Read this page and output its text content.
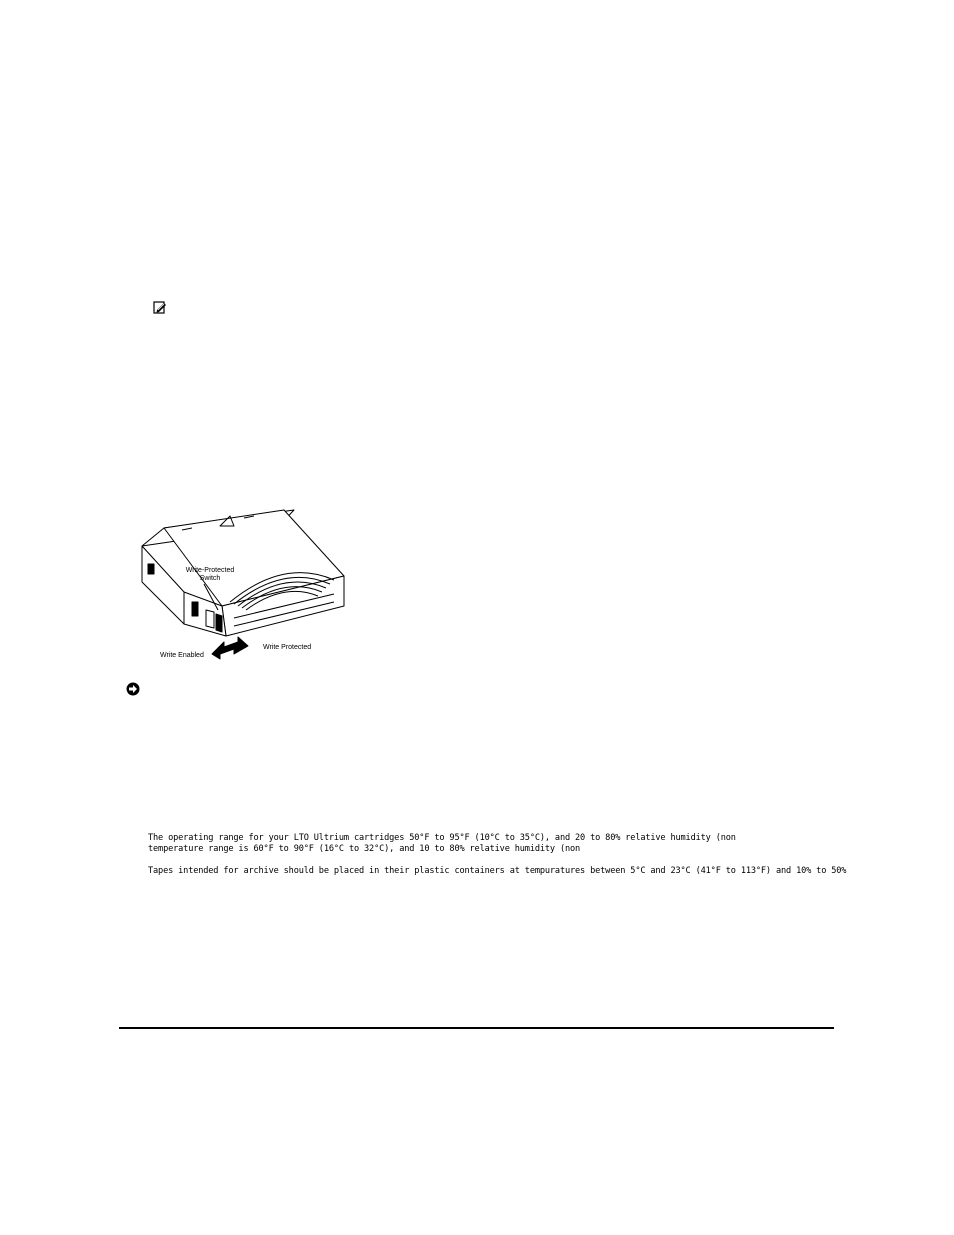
Write-Protected
Switch
Write Enabled
Write Protected
The operating range for your LTO Ultrium cartridges 50°F to 95°F (10°C to 35°C), and 20 to 80% relative humidity (non
temperature range is 60°F to 90°F (16°C to 32°C), and 10 to 80% relative humidity (non
Tapes intended for archive should be placed in their plastic containers at tempuratures between 5°C and 23°C (41°F to 113°F) and 10% to 50%
